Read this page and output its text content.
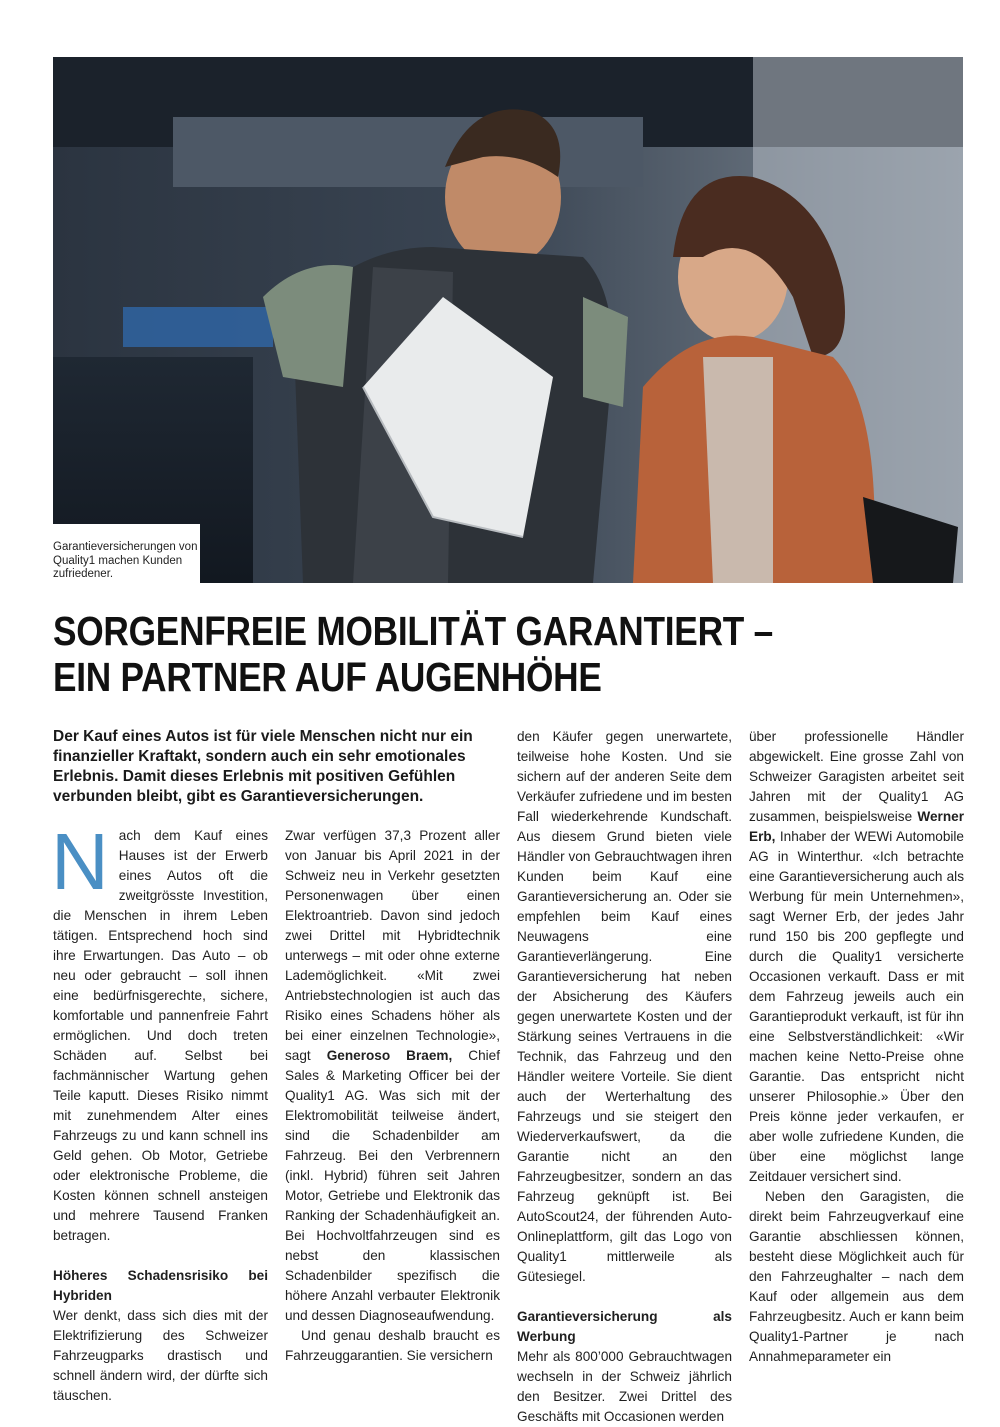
Garantieversicherungen von Quality1 machen Kunden zufriedener.
SORGENFREIE MOBILITÄT GARANTIERT –
EIN PARTNER AUF AUGENHÖHE

Der Kauf eines Autos ist für viele Menschen nicht nur ein finanzieller Kraftakt, sondern auch ein sehr emotionales Erlebnis. Damit dieses Erlebnis mit positiven Gefühlen verbunden bleibt, gibt es Garantieversicherungen.

Nach dem Kauf eines Hauses ist der Erwerb eines Autos oft die zweitgrösste Investition, die Menschen in ihrem Leben tätigen. Entsprechend hoch sind ihre Erwartungen. Das Auto – ob neu oder gebraucht – soll ihnen eine bedürfnisgerechte, sichere, komfortable und pannenfreie Fahrt ermöglichen. Und doch treten Schäden auf. Selbst bei fachmännischer Wartung gehen Teile kaputt. Dieses Risiko nimmt mit zunehmendem Alter eines Fahrzeugs zu und kann schnell ins Geld gehen. Ob Motor, Getriebe oder elektronische Probleme, die Kosten können schnell ansteigen und mehrere Tausend Franken betragen.

Höheres Schadensrisiko bei Hybriden

Wer denkt, dass sich dies mit der Elektrifizierung des Schweizer Fahrzeugparks drastisch und schnell ändern wird, der dürfte sich täuschen.

Zwar verfügen 37,3 Prozent aller von Januar bis April 2021 in der Schweiz neu in Verkehr gesetzten Personenwagen über einen Elektroantrieb. Davon sind jedoch zwei Drittel mit Hybridtechnik unterwegs – mit oder ohne externe Lademöglichkeit. «Mit zwei Antriebstechnologien ist auch das Risiko eines Schadens höher als bei einer einzelnen Technologie», sagt Generoso Braem, Chief Sales & Marketing Officer bei der Quality1 AG. Was sich mit der Elektromobilität teilweise ändert, sind die Schadenbilder am Fahrzeug. Bei den Verbrennern (inkl. Hybrid) führen seit Jahren Motor, Getriebe und Elektronik das Ranking der Schadenhäufigkeit an. Bei Hochvoltfahrzeugen sind es nebst den klassischen Schadenbilder spezifisch die höhere Anzahl verbauter Elektronik und dessen Diagnoseaufwendung.

Und genau deshalb braucht es Fahrzeuggarantien. Sie versichern

den Käufer gegen unerwartete, teilweise hohe Kosten. Und sie sichern auf der anderen Seite dem Verkäufer zufriedene und im besten Fall wiederkehrende Kundschaft. Aus diesem Grund bieten viele Händler von Gebrauchtwagen ihren Kunden beim Kauf eine Garantieversicherung an. Oder sie empfehlen beim Kauf eines Neuwagens eine Garantieverlängerung. Eine Garantieversicherung hat neben der Absicherung des Käufers gegen unerwartete Kosten und der Stärkung seines Vertrauens in die Technik, das Fahrzeug und den Händler weitere Vorteile. Sie dient auch der Werterhaltung des Fahrzeugs und sie steigert den Wiederverkaufswert, da die Garantie nicht an den Fahrzeugbesitzer, sondern an das Fahrzeug geknüpft ist. Bei AutoScout24, der führenden Auto-Onlineplattform, gilt das Logo von Quality1 mittlerweile als Gütesiegel.

Garantieversicherung als Werbung

Mehr als 800’000 Gebrauchtwagen wechseln in der Schweiz jährlich den Besitzer. Zwei Drittel des Geschäfts mit Occasionen werden

über professionelle Händler abgewickelt. Eine grosse Zahl von Schweizer Garagisten arbeitet seit Jahren mit der Quality1 AG zusammen, beispielsweise Werner Erb, Inhaber der WEWi Automobile AG in Winterthur. «Ich betrachte eine Garantieversicherung auch als Werbung für mein Unternehmen», sagt Werner Erb, der jedes Jahr rund 150 bis 200 gepflegte und durch die Quality1 versicherte Occasionen verkauft. Dass er mit dem Fahrzeug jeweils auch ein Garantieprodukt verkauft, ist für ihn eine Selbstverständlichkeit: «Wir machen keine Netto-Preise ohne Garantie. Das entspricht nicht unserer Philosophie.» Über den Preis könne jeder verkaufen, er aber wolle zufriedene Kunden, die über eine möglichst lange Zeitdauer versichert sind.

Neben den Garagisten, die direkt beim Fahrzeugverkauf eine Garantie abschliessen können, besteht diese Möglichkeit auch für den Fahrzeughalter – nach dem Kauf oder allgemein aus dem Fahrzeugbesitz. Auch er kann beim Quality1-Partner je nach Annahmeparameter ein
